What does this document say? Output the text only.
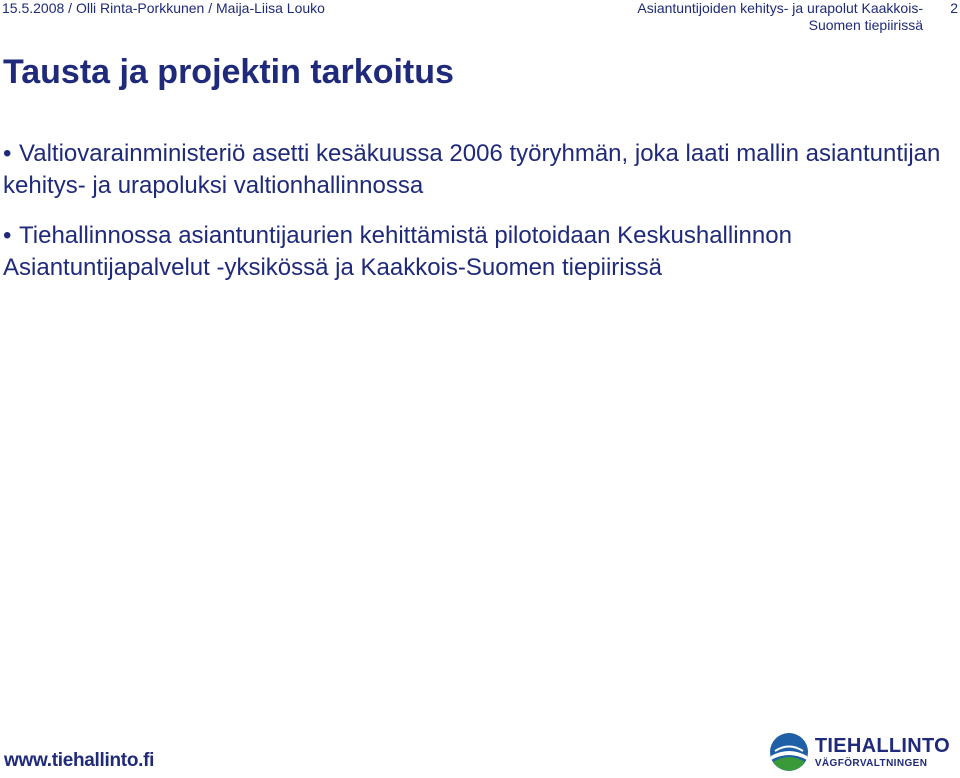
15.5.2008 / Olli Rinta-Porkkunen / Maija-Liisa Louko	Asiantuntijoiden kehitys- ja urapolut Kaakkois-
Suomen tiepiirissä
2
Tausta ja projektin tarkoitus

• Valtiovarainministeriö asetti kesäkuussa 2006 työryhmän, joka laati mallin asiantuntijan kehitys- ja urapoluksi valtionhallinnossa

• Tiehallinnossa asiantuntijaurien kehittämistä pilotoidaan Keskushallinnon Asiantuntijapalvelut -yksikössä ja Kaakkois-Suomen tiepiirissä

www.tiehallinto.fi
TIEHALLINTO
VÄGFÖRVALTNINGEN
